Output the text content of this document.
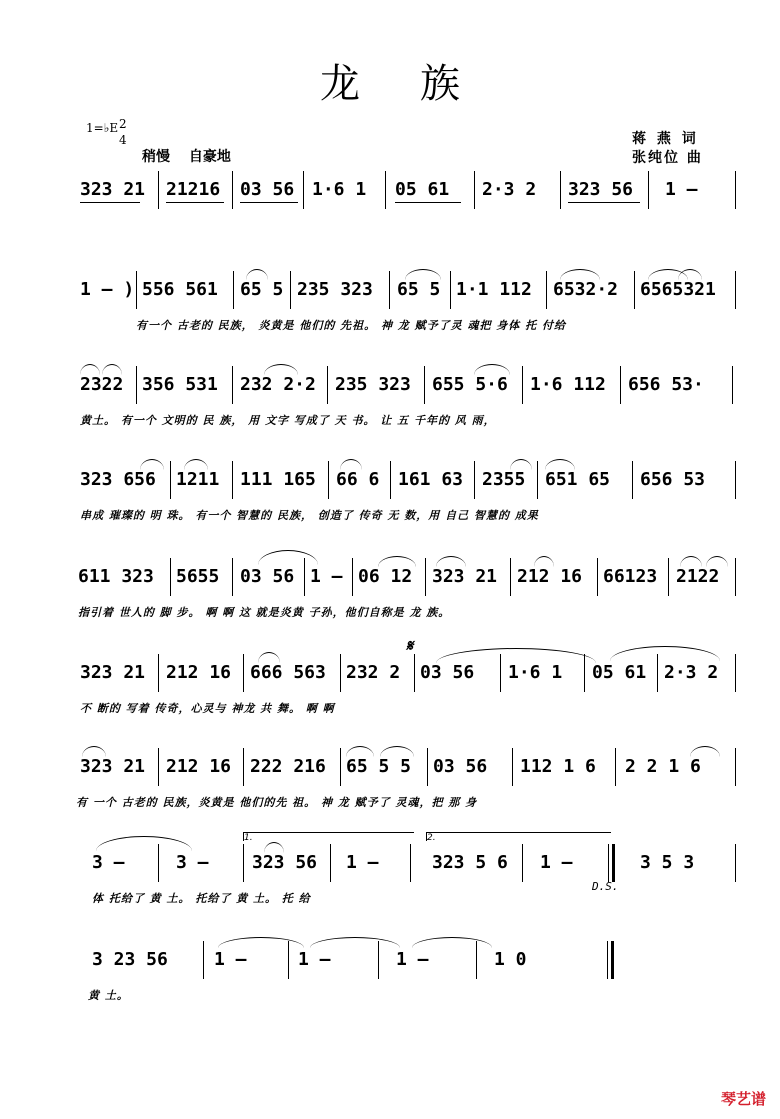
龙族
1=♭E 2
4
稍慢 自豪地
蒋 燕 词
张纯位 曲
323 21 21216 03 56 1·6 1 05 61 2·3 2 323 56 1 –
1 – ) 556 561 65 5 235 323 65 5 1·1 112 6532·2 6565321
有一个 古老的 民族， 炎黄是 他们的 先祖。 神 龙 赋予了灵 魂把 身体 托 付给
2322 356 531 232 2·2 235 323 655 5·6 1·6 112 656 53·
黄土。 有一个 文明的 民 族， 用 文字 写成了 天 书。 让 五 千年的 风 雨，
323 656 1211 111 165 66 6 161 63 2355 651 65 656 53
串成 璀璨的 明 珠。 有一个 智慧的 民族， 创造了 传奇 无 数，用 自己 智慧的 成果
611 323 5655 03 56 1 – 06 12 323 21 212 16 66123 2122
指引着 世人的 脚 步。 啊 啊 这 就是炎黄 子孙，他们自称是 龙 族。
323 21 212 16 666 563 232 2 03 56 1·6 1 05 61 2·3 2
𝄋
不 断的 写着 传奇，心灵与 神龙 共 舞。 啊 啊
323 21 212 16 222 216 65 5 5 03 56 112 1 6 2 2 1 6
有 一个 古老的 民族，炎黄是 他们的先 祖。 神 龙 赋予了 灵魂，把 那 身
3 –	3 – 323 56 1 –	323 5 6 1 –	3 5 3
1.	2.
D.S.
体 托给了 黄 土。 托给了 黄 土。 托 给
3 23 56	1 –	1 –	1 –	1 0
黄 土。
琴艺谱
